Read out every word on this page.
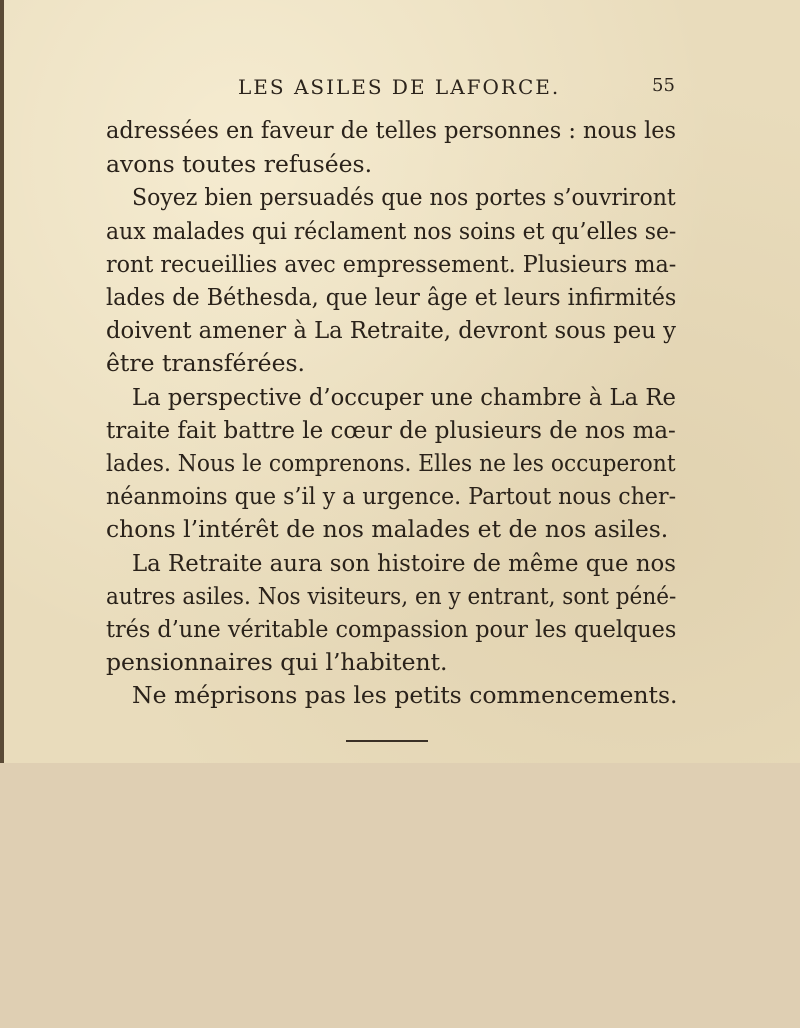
LES ASILES DE LAFORCE.	55
adressées en faveur de telles personnes : nous les
avons toutes refusées.
Soyez bien persuadés que nos portes s’ouvriront
aux malades qui réclament nos soins et qu’elles se-
ront recueillies avec empressement. Plusieurs ma-
lades de Béthesda, que leur âge et leurs infirmités
doivent amener à La Retraite, devront sous peu y
être transférées.
La perspective d’occuper une chambre à La Re
traite fait battre le cœur de plusieurs de nos ma-
lades. Nous le comprenons. Elles ne les occuperont
néanmoins que s’il y a urgence. Partout nous cher-
chons l’intérêt de nos malades et de nos asiles.
La Retraite aura son histoire de même que nos
autres asiles. Nos visiteurs, en y entrant, sont péné-
trés d’une véritable compassion pour les quelques
pensionnaires qui l’habitent.
Ne méprisons pas les petits commencements.
